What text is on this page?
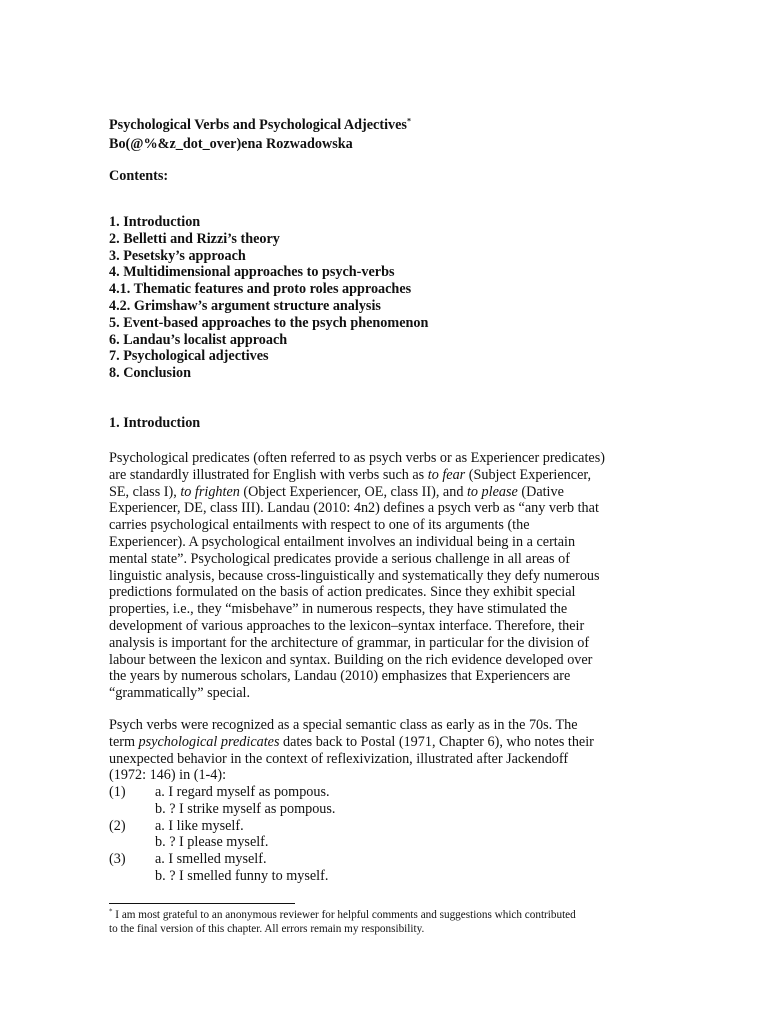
Psychological Verbs and Psychological Adjectives*
Bo(@%&z_dot_over)ena Rozwadowska
Contents:
1. Introduction
2. Belletti and Rizzi’s theory
3. Pesetsky’s approach
4. Multidimensional approaches to psych-verbs
4.1. Thematic features and proto roles approaches
4.2. Grimshaw’s argument structure analysis
5. Event-based approaches to the psych phenomenon
6. Landau’s localist approach
7. Psychological adjectives
8. Conclusion
1. Introduction
Psychological predicates (often referred to as psych verbs or as Experiencer predicates)
are standardly illustrated for English with verbs such as to fear (Subject Experiencer,
SE, class I), to frighten (Object Experiencer, OE, class II), and to please (Dative
Experiencer, DE, class III). Landau (2010: 4n2) defines a psych verb as “any verb that
carries psychological entailments with respect to one of its arguments (the
Experiencer). A psychological entailment involves an individual being in a certain
mental state”. Psychological predicates provide a serious challenge in all areas of
linguistic analysis, because cross-linguistically and systematically they defy numerous
predictions formulated on the basis of action predicates. Since they exhibit special
properties, i.e., they “misbehave” in numerous respects, they have stimulated the
development of various approaches to the lexicon–syntax interface. Therefore, their
analysis is important for the architecture of grammar, in particular for the division of
labour between the lexicon and syntax. Building on the rich evidence developed over
the years by numerous scholars, Landau (2010) emphasizes that Experiencers are
“grammatically” special.
Psych verbs were recognized as a special semantic class as early as in the 70s. The
term psychological predicates dates back to Postal (1971, Chapter 6), who notes their
unexpected behavior in the context of reflexivization, illustrated after Jackendoff
(1972: 146) in (1-4):
(1) a. I regard myself as pompous.
b. ? I strike myself as pompous.
(2) a. I like myself.
b. ? I please myself.
(3) a. I smelled myself.
b. ? I smelled funny to myself.
* I am most grateful to an anonymous reviewer for helpful comments and suggestions which contributed
to the final version of this chapter. All errors remain my responsibility.
